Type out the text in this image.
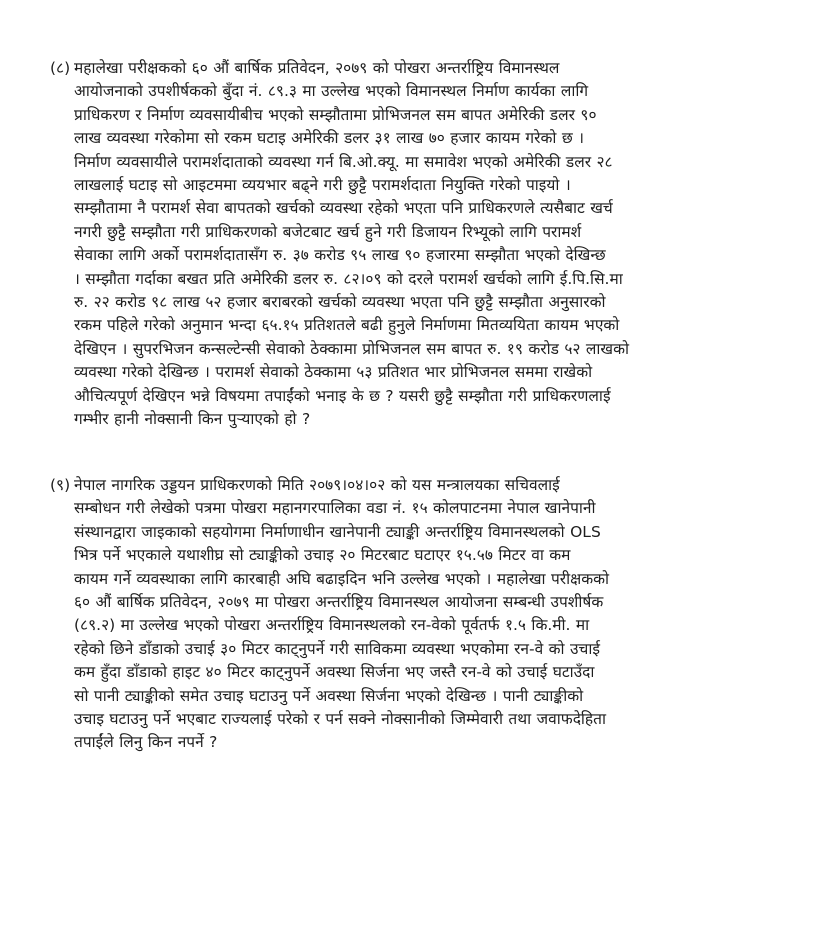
(८) महालेखा परीक्षकको ६० औं बार्षिक प्रतिवेदन, २०७९ को पोखरा अन्तर्राष्ट्रिय विमानस्थल
आयोजनाको उपशीर्षकको बुँदा नं. ८९.३ मा उल्लेख भएको विमानस्थल निर्माण कार्यका लागि
प्राधिकरण र निर्माण व्यवसायीबीच भएको सम्झौतामा प्रोभिजनल सम बापत अमेरिकी डलर ९०
लाख व्यवस्था गरेकोमा सो रकम घटाइ अमेरिकी डलर ३१ लाख ७० हजार कायम गरेको छ ।
निर्माण व्यवसायीले परामर्शदाताको व्यवस्था गर्न बि.ओ.क्यू. मा समावेश भएको अमेरिकी डलर २८
लाखलाई घटाइ सो आइटममा व्ययभार बढ्ने गरी छुट्टै परामर्शदाता नियुक्ति गरेको पाइयो ।
सम्झौतामा नै परामर्श सेवा बापतको खर्चको व्यवस्था रहेको भएता पनि प्राधिकरणले त्यसैबाट खर्च
नगरी छुट्टै सम्झौता गरी प्राधिकरणको बजेटबाट खर्च हुने गरी डिजायन रिभ्यूको लागि परामर्श
सेवाका लागि अर्को परामर्शदातासँग रु. ३७ करोड ९५ लाख ९० हजारमा सम्झौता भएको देखिन्छ
। सम्झौता गर्दाका बखत प्रति अमेरिकी डलर रु. ८२।०९ को दरले परामर्श खर्चको लागि ई.पि.सि.मा
रु. २२ करोड ९८ लाख ५२ हजार बराबरको खर्चको व्यवस्था भएता पनि छुट्टै सम्झौता अनुसारको
रकम पहिले गरेको अनुमान भन्दा ६५.१५ प्रतिशतले बढी हुनुले निर्माणमा मितव्ययिता कायम भएको
देखिएन । सुपरभिजन कन्सल्टेन्सी सेवाको ठेक्कामा प्रोभिजनल सम बापत रु. १९ करोड ५२ लाखको
व्यवस्था गरेको देखिन्छ । परामर्श सेवाको ठेक्कामा ५३ प्रतिशत भार प्रोभिजनल सममा राखेको
औचित्यपूर्ण देखिएन भन्ने विषयमा तपाईंको भनाइ के छ ? यसरी छुट्टै सम्झौता गरी प्राधिकरणलाई
गम्भीर हानी नोक्सानी किन पुऱ्याएको हो ?
(९) नेपाल नागरिक उड्डयन प्राधिकरणको मिति २०७९।०४।०२ को यस मन्त्रालयका सचिवलाई
सम्बोधन गरी लेखेको पत्रमा पोखरा महानगरपालिका वडा नं. १५ कोलपाटनमा नेपाल खानेपानी
संस्थानद्वारा जाइकाको सहयोगमा निर्माणाधीन खानेपानी ट्याङ्की अन्तर्राष्ट्रिय विमानस्थलको OLS
भित्र पर्ने भएकाले यथाशीघ्र सो ट्याङ्कीको उचाइ २० मिटरबाट घटाएर १५.५७ मिटर वा कम
कायम गर्ने व्यवस्थाका लागि कारबाही अघि बढाइदिन भनि उल्लेख भएको । महालेखा परीक्षकको
६० औं बार्षिक प्रतिवेदन, २०७९ मा पोखरा अन्तर्राष्ट्रिय विमानस्थल आयोजना सम्बन्धी उपशीर्षक
(८९.२) मा उल्लेख भएको पोखरा अन्तर्राष्ट्रिय विमानस्थलको रन-वेको पूर्वतर्फ १.५ कि.मी. मा
रहेको छिने डाँडाको उचाई ३० मिटर काट्नुपर्ने गरी साविकमा व्यवस्था भएकोमा रन-वे को उचाई
कम हुँदा डाँडाको हाइट ४० मिटर काट्नुपर्ने अवस्था सिर्जना भए जस्तै रन-वे को उचाई घटाउँदा
सो पानी ट्याङ्कीको समेत उचाइ घटाउनु पर्ने अवस्था सिर्जना भएको देखिन्छ । पानी ट्याङ्कीको
उचाइ घटाउनु पर्ने भएबाट राज्यलाई परेको र पर्न सक्ने नोक्सानीको जिम्मेवारी तथा जवाफदेहिता
तपाईंले लिनु किन नपर्ने ?
